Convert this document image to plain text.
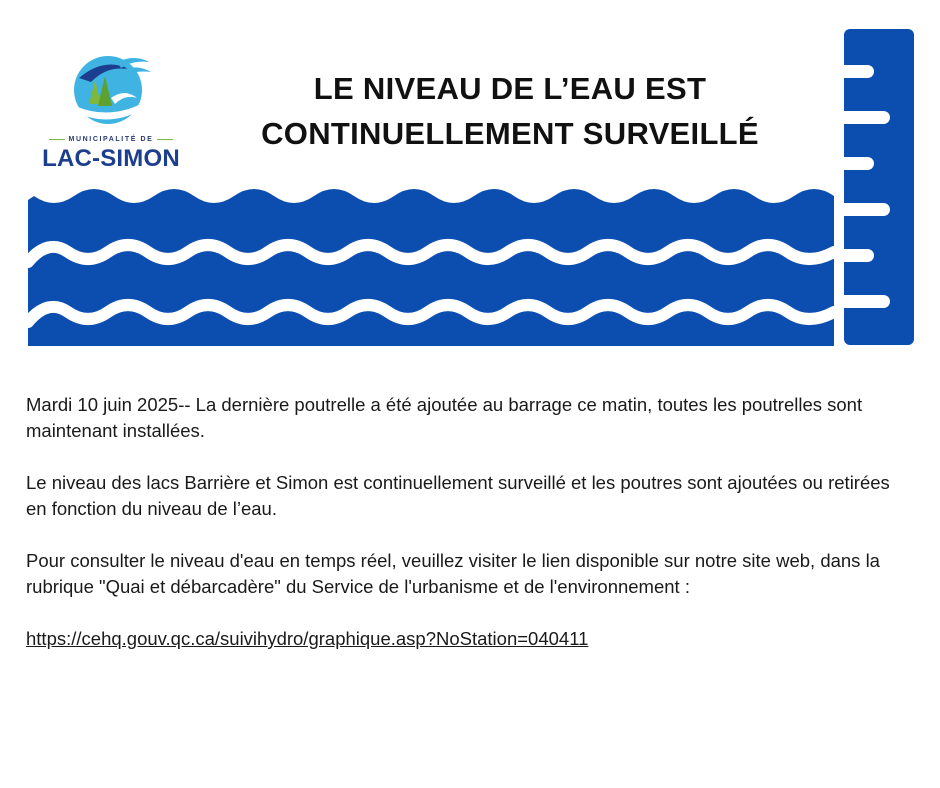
MUNICIPALITÉ DE
LAC-SIMON
LE NIVEAU DE L’EAU EST
CONTINUELLEMENT SURVEILLÉ

Mardi 10 juin 2025-- La dernière poutrelle a été ajoutée au barrage ce matin, toutes les poutrelles sont maintenant installées.

Le niveau des lacs Barrière et Simon est continuellement surveillé et les poutres sont ajoutées ou retirées en fonction du niveau de l’eau.

Pour consulter le niveau d'eau en temps réel, veuillez visiter le lien disponible sur notre site web, dans la rubrique "Quai et débarcadère" du Service de l'urbanisme et de l'environnement :

https://cehq.gouv.qc.ca/suivihydro/graphique.asp?NoStation=040411
